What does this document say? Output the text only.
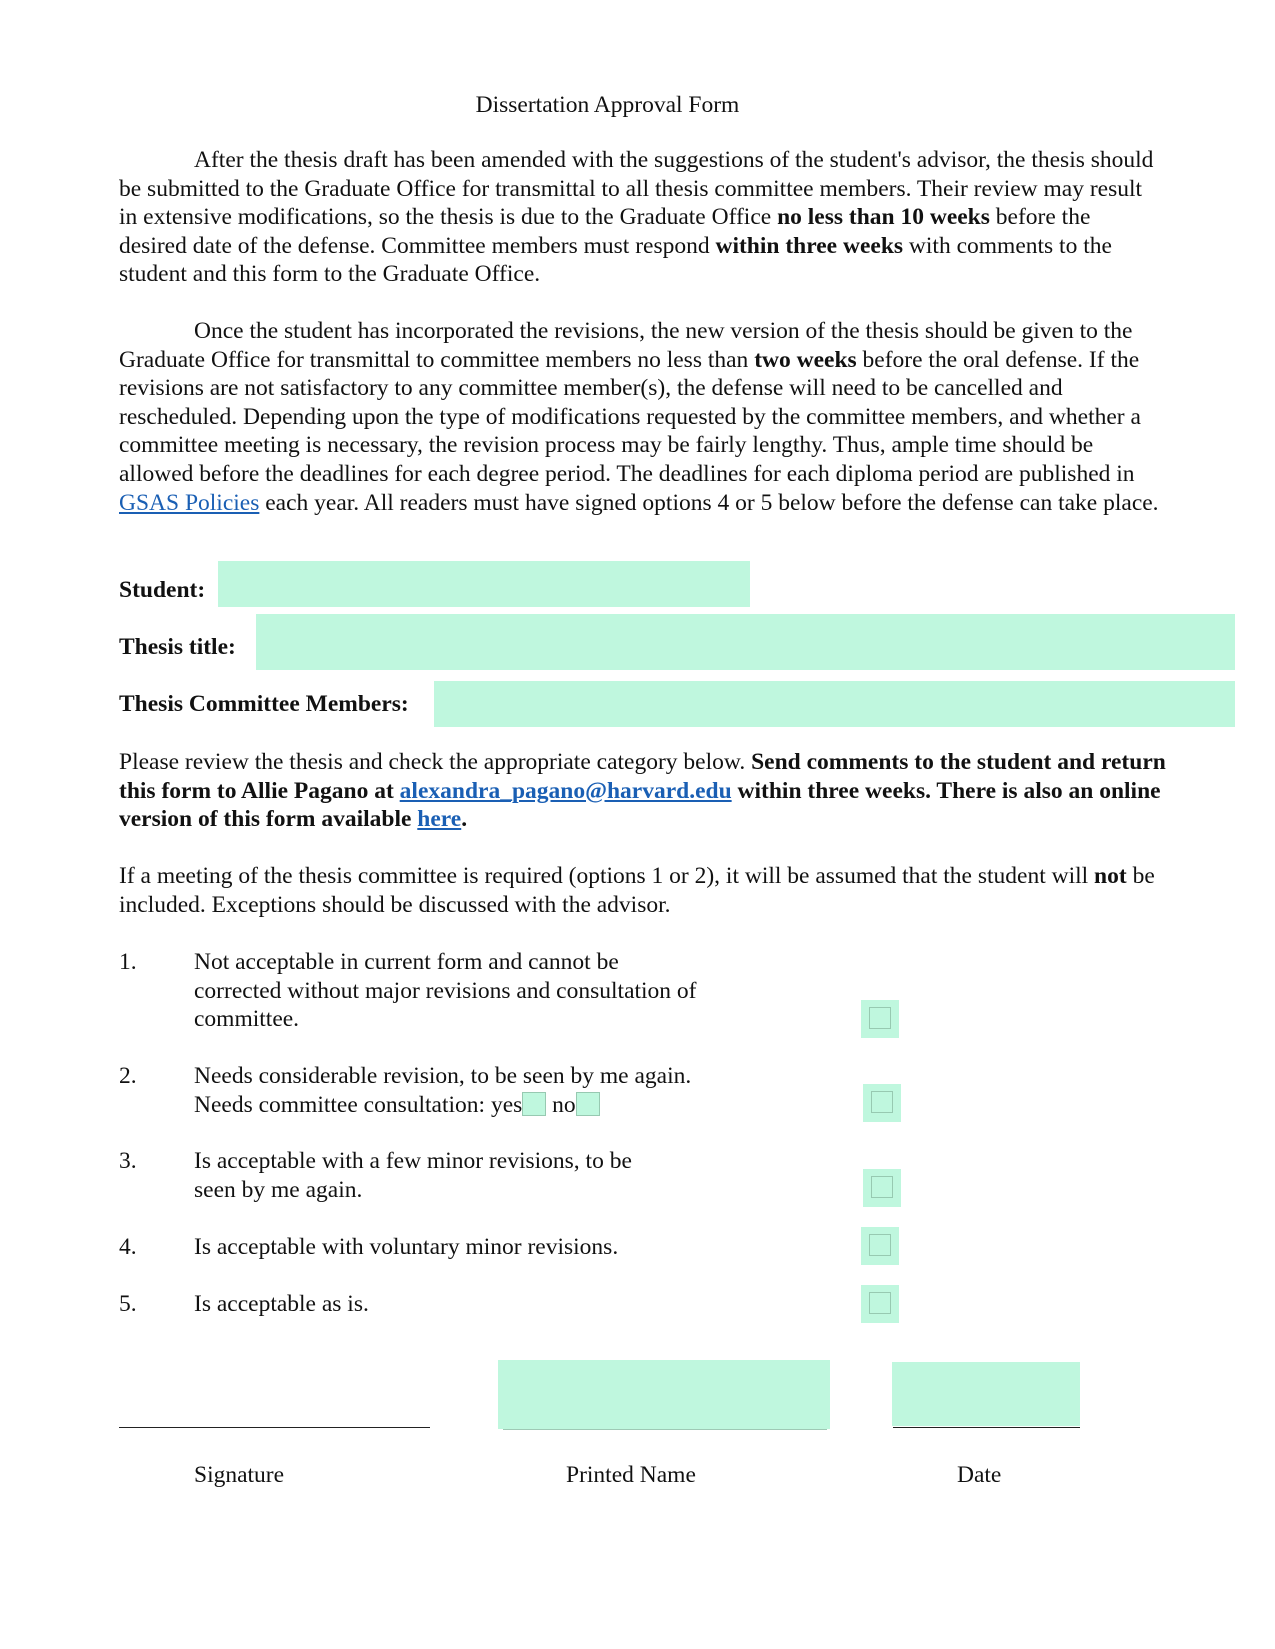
Dissertation Approval Form

After the thesis draft has been amended with the suggestions of the student's advisor, the thesis should be submitted to the Graduate Office for transmittal to all thesis committee members. Their review may result in extensive modifications, so the thesis is due to the Graduate Office no less than 10 weeks before the desired date of the defense. Committee members must respond within three weeks with comments to the student and this form to the Graduate Office.

Once the student has incorporated the revisions, the new version of the thesis should be given to the Graduate Office for transmittal to committee members no less than two weeks before the oral defense. If the revisions are not satisfactory to any committee member(s), the defense will need to be cancelled and rescheduled. Depending upon the type of modifications requested by the committee members, and whether a committee meeting is necessary, the revision process may be fairly lengthy. Thus, ample time should be allowed before the deadlines for each degree period. The deadlines for each diploma period are published in GSAS Policies each year. All readers must have signed options 4 or 5 below before the defense can take place.

Student:
Thesis title:
Thesis Committee Members:

Please review the thesis and check the appropriate category below. Send comments to the student and return this form to Allie Pagano at alexandra_pagano@harvard.edu within three weeks. There is also an online version of this form available here.

If a meeting of the thesis committee is required (options 1 or 2), it will be assumed that the student will not be included. Exceptions should be discussed with the advisor.

1. Not acceptable in current form and cannot be corrected without major revisions and consultation of committee.
2. Needs considerable revision, to be seen by me again.
Needs committee consultation: yes no
3. Is acceptable with a few minor revisions, to be seen by me again.
4. Is acceptable with voluntary minor revisions.
5. Is acceptable as is.
Signature	Printed Name	Date
